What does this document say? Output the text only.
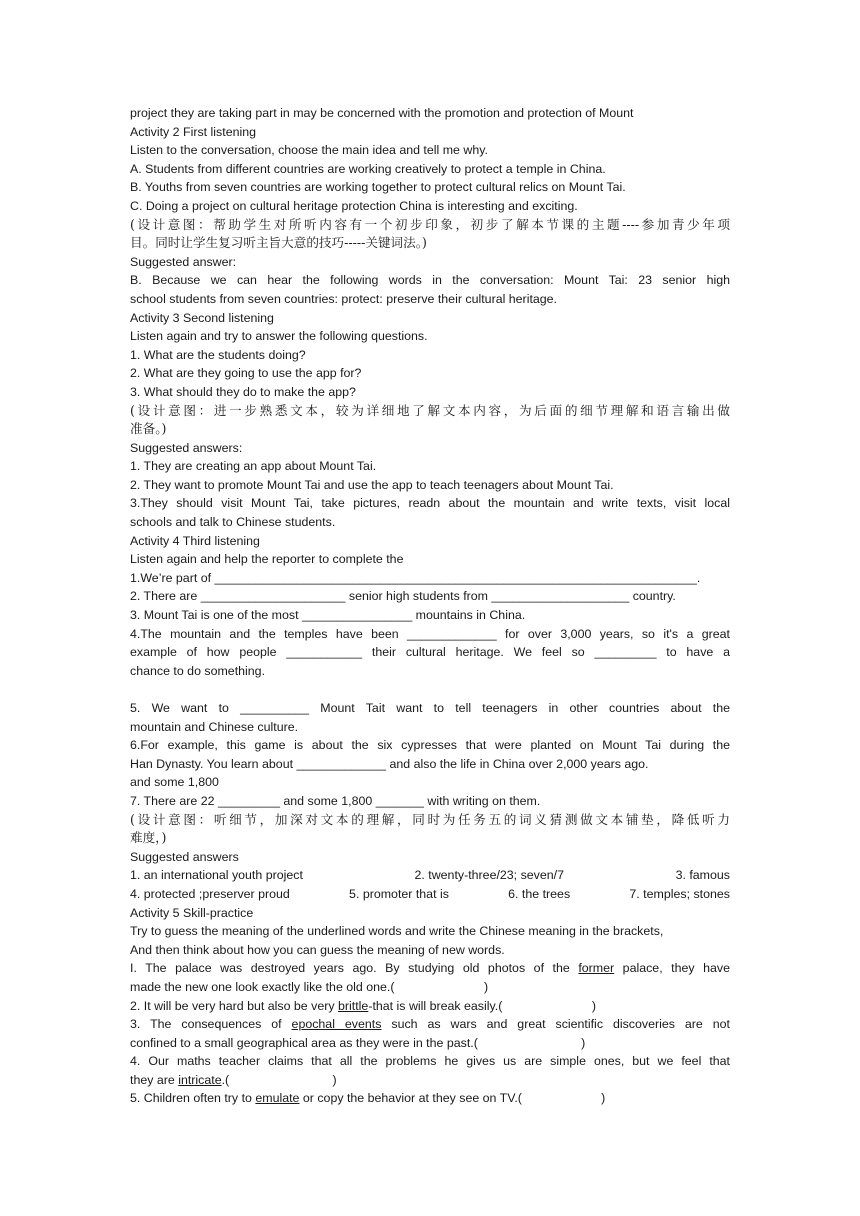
project they are taking part in may be concerned with the promotion and protection of Mount
Activity 2 First listening
Listen to the conversation, choose the main idea and tell me why.
A. Students from different countries are working creatively to protect a temple in China.
B. Youths from seven countries are working together to protect cultural relics on Mount Tai.
C. Doing a project on cultural heritage protection China is interesting and exciting.
(设计意图：帮助学生对所听内容有一个初步印象，初步了解本节课的主题----参加青少年项
目。同时让学生复习听主旨大意的技巧-----关键词法。)
Suggested answer:
B. Because we can hear the following words in the conversation: Mount Tai: 23 senior high
school students from seven countries: protect: preserve their cultural heritage.
Activity 3 Second listening
Listen again and try to answer the following questions.
1. What are the students doing?
2. What are they going to use the app for?
3. What should they do to make the app?
(设计意图：进一步熟悉文本，较为详细地了解文本内容，为后面的细节理解和语言输出做
准备。)
Suggested answers:
1. They are creating an app about Mount Tai.
2. They want to promote Mount Tai and use the app to teach teenagers about Mount Tai.
3.They should visit Mount Tai, take pictures, readn about the mountain and write texts, visit local
schools and talk to Chinese students.
Activity 4 Third listening
Listen again and help the reporter to complete the
1.We’re part of ______________________________________________________________________.
2. There are _____________________ senior high students from ____________________ country.
3. Mount Tai is one of the most ________________ mountains in China.
4.The mountain and the temples have been _____________ for over 3,000 years, so it's a great
example of how people ___________ their cultural heritage. We feel so _________ to have a
chance to do something.
5. We want to __________ Mount Tait want to tell teenagers in other countries about the
mountain and Chinese culture.
6.For example, this game is about the six cypresses that were planted on Mount Tai during the
Han Dynasty. You learn about _____________ and also the life in China over 2,000 years ago.
and some 1,800
7. There are 22 _________ and some 1,800 _______ with writing on them.
(设计意图：听细节，加深对文本的理解，同时为任务五的词义猜测做文本铺垫，降低听力
难度，)
Suggested answers
1. an international youth project	2. twenty-three/23; seven/7	3. famous
4. protected ;preserver proud	5. promoter that is	6. the trees	7. temples; stones
Activity 5 Skill-practice
Try to guess the meaning of the underlined words and write the Chinese meaning in the brackets,
And then think about how you can guess the meaning of new words.
I. The palace was destroyed years ago. By studying old photos of the former palace, they have
made the new one look exactly like the old one.(                          )
2. It will be very hard but also be very brittle-that is will break easily.(                          )
3. The consequences of epochal events such as wars and great scientific discoveries are not
confined to a small geographical area as they were in the past.(                              )
4. Our maths teacher claims that all the problems he gives us are simple ones, but we feel that
they are intricate.(                              )
5. Children often try to emulate or copy the behavior at they see on TV.(                       )
